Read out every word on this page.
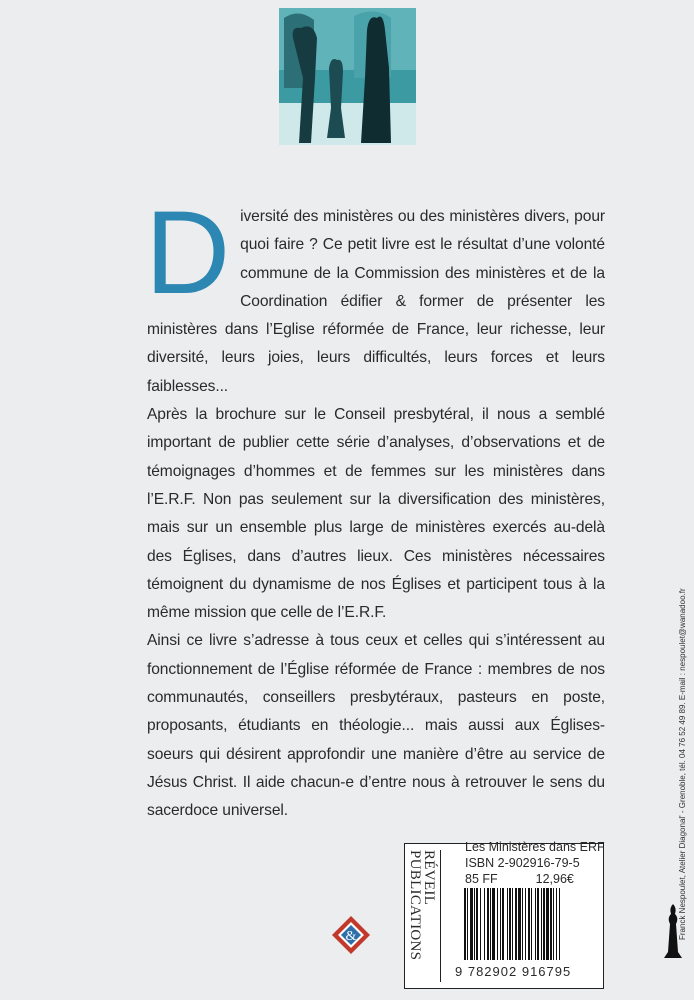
D iversité des ministères ou des ministères divers, pour quoi faire ? Ce petit livre est le résultat d’une volonté commune de la Commission des ministères et de la Coordination édifier & former de présenter les ministères dans l’Eglise réformée de France, leur richesse, leur diversité, leurs joies, leurs difficultés, leurs forces et leurs faiblesses...

Après la brochure sur le Conseil presbytéral, il nous a semblé important de publier cette série d’analyses, d’observations et de témoignages d’hommes et de femmes sur les ministères dans l’E.R.F. Non pas seulement sur la diversification des ministères, mais sur un ensemble plus large de ministères exercés au-delà des Églises, dans d’autres lieux. Ces ministères nécessaires témoignent du dynamisme de nos Églises et participent tous à la même mission que celle de l’E.R.F.

Ainsi ce livre s’adresse à tous ceux et celles qui s’intéressent au fonctionnement de l’Église réformée de France : membres de nos communautés, conseillers presbytéraux, pasteurs en poste, proposants, étudiants en théologie... mais aussi aux Églises-soeurs qui désirent approfondir une manière d’être au service de Jésus Christ. Il aide chacun-e d’entre nous à retrouver le sens du sacerdoce universel.	Franck Nespoulet, Atelier Diagonal' - Grenoble, tél. 04 76 52 49 89. E-mail : nespoulet@wanadoo.fr
&
RÉVEIL
PUBLICATIONS
Les Ministères dans ERF
ISBN 2-902916-79-5
85 FF	12,96€
9 782902 916795
